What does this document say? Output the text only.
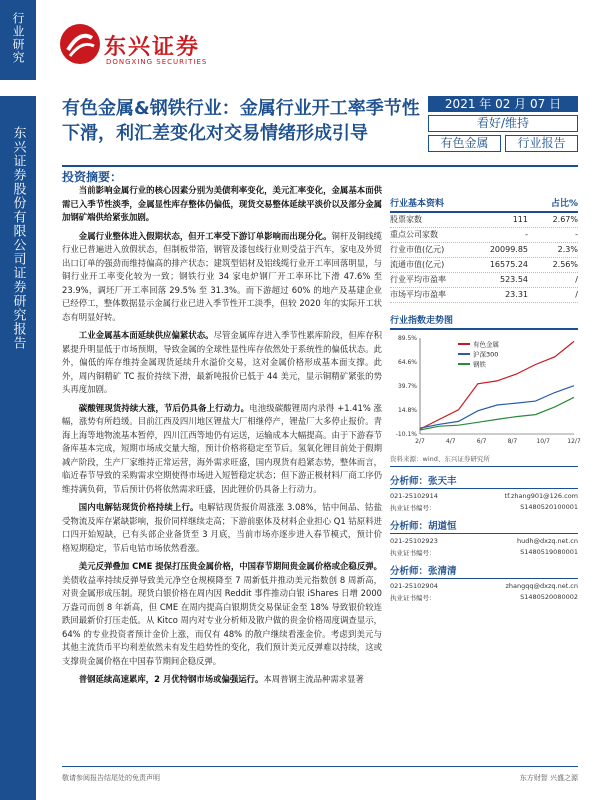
行业研究
东兴证券股份有限公司证券研究报告
东兴证券
DONGXING SECURITIES
有色金属&钢铁行业：金属行业开工率季节性下滑，利汇差变化对交易情绪形成引导
2021 年 02 月 07 日
看好/维持
有色金属	行业报告
投资摘要：

当前影响金属行业的核心因素分别为美债利率变化，美元汇率变化，金属基本面供需已入季节性淡季，金属显性库存整体仍偏低，现货交易整体延续平淡价以及部分金属加钢矿端供给紧张加剧。

金属行业整体进入假期状态，但开工率受下游订单影响而出现分化。铜杆及铜线缆行业已普遍进入放假状态，但制板带箔，钢管及漆包线行业则受益于汽车，家电及外贸出口订单的强劲而维持偏高的排产状态；建筑型铝材及铝线缆行业开工率回落明显，与铜行业开工率变化较为一致；钢铁行业 34 家电炉钢厂开工率环比下滑 47.6% 至 23.9%，调坯厂开工率回落 29.5% 至 31.3%。而下游超过 60% 的地产及基建企业已经停工，整体数据显示金属行业已进入季节性开工淡季，但较 2020 年的实际开工状态有明显好转。

工业金属基本面延续供应偏紧状态。尽管金属库存进入季节性累库阶段，但库存积累提升明显低于市场预期，导致金属的全球性显性库存依然处于系统性的偏低状态。此外，偏低的库存维持金属现货延续升水溢价交易，这对金属价格形成基本面支撑。此外，周内铜精矿 TC 报价持续下滑，最新吨报价已低于 44 美元，显示铜精矿紧张的势头再度加剧。

碳酸锂现货持续大涨，节后仍具备上行动力。电池级碳酸锂周内录得 +1.41% 涨幅，涨势有所趋缓。目前江西及四川地区锂盐大厂相继停产，锂盐厂大多停止报价。青海上海等地物流基本暂停，四川江西等地仍有运送，运输成本大幅提高。由于下游春节备库基本完成，短期市场成交量大缩，预计价格将稳定至节后。氢氧化锂目前处于假期减产阶段，生产厂家维持正常运营，海外需求旺盛，国内现货有趋紧态势，整体而言，临近春节导致的采购需求空期使得市场进入短暂稳定状态；但下游正极材料厂商工序仍维持满负荷，节后预计仍将依然需求旺盛，因此锂价仍具备上行动力。

国内电解钴现货价格持续上行。电解钴现货报价周涨涨 3.08%，钴中间品、钴盐受物流及库存紧缺影响，报价同样继续走高；下游前驱体及材料企业担心 Q1 钴原料进口四开始短缺，已有头部企业备货至 3 月底，当前市场亦逐步进入春节模式，预计价格短期稳定，节后电钴市场依然看涨。

美元反弹叠加 CME 提保打压贵金属价格，中国春节期间贵金属价格或企稳反弹。美债收益率持续反弹导致美元净空仓规模降至 7 周新低并推动美元指数创 8 周新高，对贵金属形成压制。现货白银价格在周内因 Reddit 事件推动白银 iShares 日增 2000 万盎司而创 8 年新高，但 CME 在周内提高白银期货交易保证金至 18% 导致银价较连跌回最新价打压走低。从 Kitco 周内对专业分析师及散户做的贵金价格周度调查显示，64% 的专业投资者预计金价上涨，而仅有 48% 的散户继续看涨金价。考虑到美元与其他主流货币平均利差依然未有发生趋势性的变化，我们预计美元反弹难以持续，这或支撑贵金属价格在中国春节期间企稳反弹。

普钢延续高速累库，2 月优特钢市场或偏强运行。本周普钢主流品种需求显著

行业基本资料	占比%
股票家数	111	2.67%
重点公司家数	-	-
行业市值(亿元)	20099.85	2.3%
流通市值(亿元)	16575.24	2.56%
行业平均市盈率	523.54	/
市场平均市盈率	23.31	/
行业指数走势图
89.5%
64.6%
39.7%
14.8%
-10.1%
2/7	4/7	6/7	8/7	10/7	12/7
有色金属
沪深300
钢铁
资料来源：wind、东兴证券研究所
分析师：张天丰
021-25102914	tf.zhang901@126.com
执业证书编号：	S1480520100001
分析师：胡道恒
021-25102923	hudh@dxzq.net.cn
执业证书编号：	S1480519080001
分析师：张清清
021-25102904	zhangqq@dxzq.net.cn
执业证书编号：	S1480520080002
敬请参阅报告结尾处的免责声明	东方财智 兴盛之源
